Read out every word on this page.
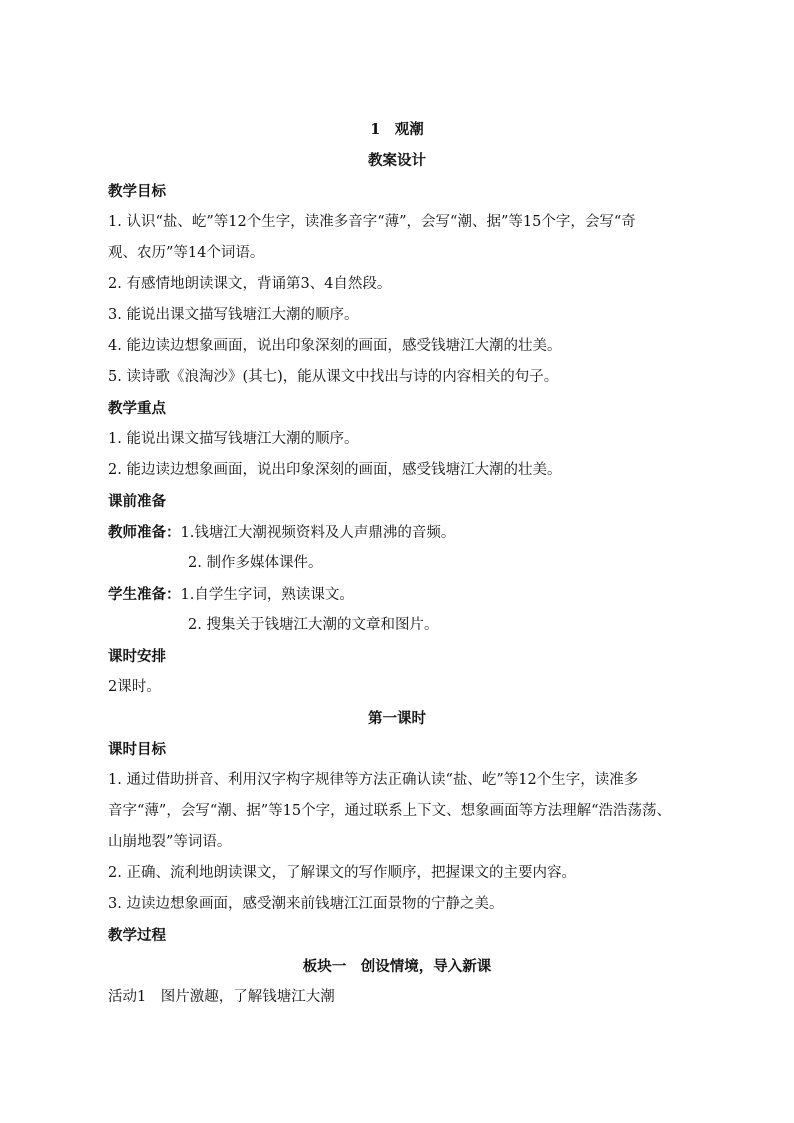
1　观潮
教案设计
教学目标
1. 认识“盐、屹”等12个生字，读准多音字“薄”，会写“潮、据”等15个字，会写“奇
观、农历”等14个词语。
2. 有感情地朗读课文，背诵第3、4自然段。
3. 能说出课文描写钱塘江大潮的顺序。
4. 能边读边想象画面，说出印象深刻的画面，感受钱塘江大潮的壮美。
5. 读诗歌《浪淘沙》(其七)，能从课文中找出与诗的内容相关的句子。
教学重点
1. 能说出课文描写钱塘江大潮的顺序。
2. 能边读边想象画面，说出印象深刻的画面，感受钱塘江大潮的壮美。
课前准备
教师准备：1.钱塘江大潮视频资料及人声鼎沸的音频。
2. 制作多媒体课件。
学生准备：1.自学生字词，熟读课文。
2. 搜集关于钱塘江大潮的文章和图片。
课时安排
2课时。
第一课时
课时目标
1. 通过借助拼音、利用汉字构字规律等方法正确认读“盐、屹”等12个生字，读准多
音字“薄”，会写“潮、据”等15个字，通过联系上下文、想象画面等方法理解“浩浩荡荡、
山崩地裂”等词语。
2. 正确、流利地朗读课文，了解课文的写作顺序，把握课文的主要内容。
3. 边读边想象画面，感受潮来前钱塘江江面景物的宁静之美。
教学过程
板块一　创设情境，导入新课
活动1　图片激趣，了解钱塘江大潮
